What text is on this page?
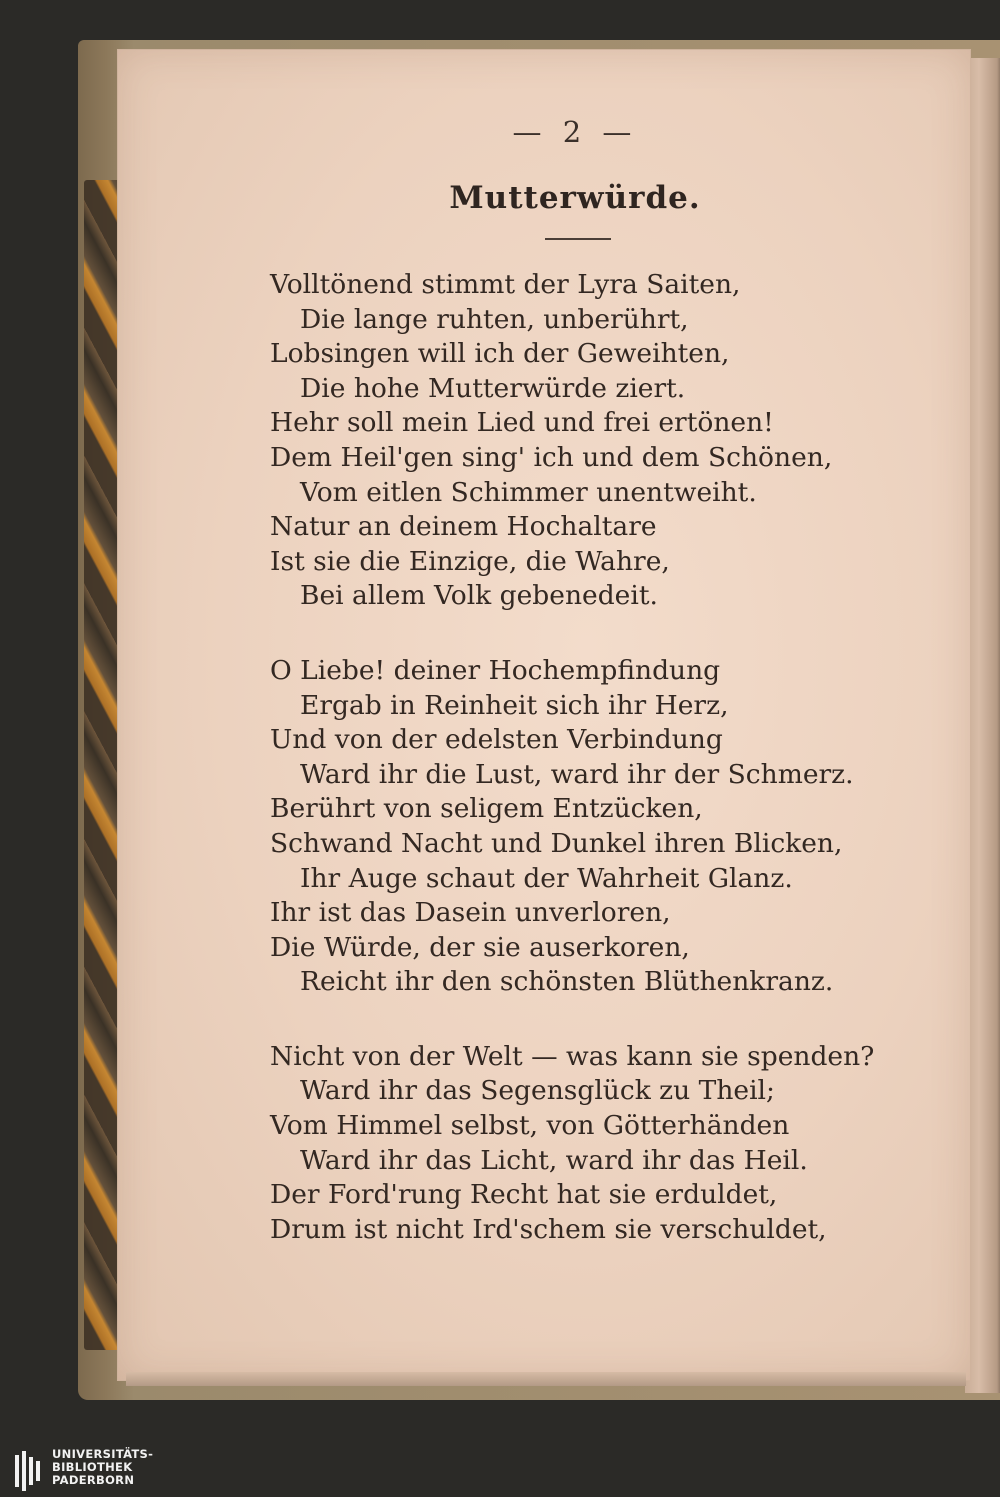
— 2 —
Mutterwürde.
Volltönend stimmt der Lyra Saiten,
Die lange ruhten, unberührt,
Lobsingen will ich der Geweihten,
Die hohe Mutterwürde ziert.
Hehr soll mein Lied und frei ertönen!
Dem Heil'gen sing' ich und dem Schönen,
Vom eitlen Schimmer unentweiht.
Natur an deinem Hochaltare
Ist sie die Einzige, die Wahre,
Bei allem Volk gebenedeit.
O Liebe! deiner Hochempfindung
Ergab in Reinheit sich ihr Herz,
Und von der edelsten Verbindung
Ward ihr die Lust, ward ihr der Schmerz.
Berührt von seligem Entzücken,
Schwand Nacht und Dunkel ihren Blicken,
Ihr Auge schaut der Wahrheit Glanz.
Ihr ist das Dasein unverloren,
Die Würde, der sie auserkoren,
Reicht ihr den schönsten Blüthenkranz.
Nicht von der Welt — was kann sie spenden?
Ward ihr das Segensglück zu Theil;
Vom Himmel selbst, von Götterhänden
Ward ihr das Licht, ward ihr das Heil.
Der Ford'rung Recht hat sie erduldet,
Drum ist nicht Ird'schem sie verschuldet,
UNIVERSITÄTS-
BIBLIOTHEK
PADERBORN
